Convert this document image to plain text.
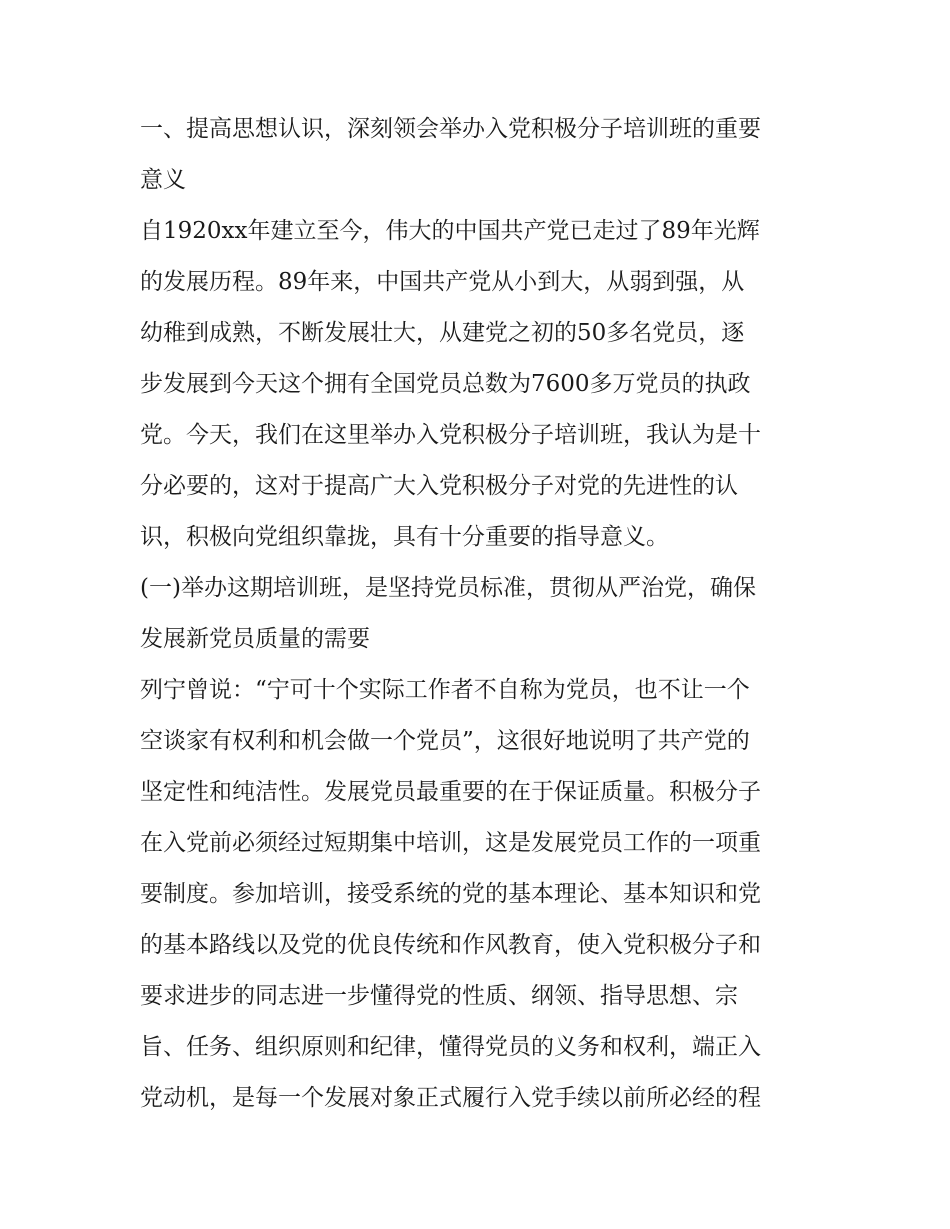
一、提高思想认识，深刻领会举办入党积极分子培训班的重要
意义
自1920xx年建立至今，伟大的中国共产党已走过了89年光辉
的发展历程。89年来，中国共产党从小到大，从弱到强，从
幼稚到成熟，不断发展壮大，从建党之初的50多名党员，逐
步发展到今天这个拥有全国党员总数为7600多万党员的执政
党。今天，我们在这里举办入党积极分子培训班，我认为是十
分必要的，这对于提高广大入党积极分子对党的先进性的认
识，积极向党组织靠拢，具有十分重要的指导意义。
(一)举办这期培训班，是坚持党员标准，贯彻从严治党，确保
发展新党员质量的需要
列宁曾说：“宁可十个实际工作者不自称为党员，也不让一个
空谈家有权利和机会做一个党员”，这很好地说明了共产党的
坚定性和纯洁性。发展党员最重要的在于保证质量。积极分子
在入党前必须经过短期集中培训，这是发展党员工作的一项重
要制度。参加培训，接受系统的党的基本理论、基本知识和党
的基本路线以及党的优良传统和作风教育，使入党积极分子和
要求进步的同志进一步懂得党的性质、纲领、指导思想、宗
旨、任务、组织原则和纪律，懂得党员的义务和权利，端正入
党动机，是每一个发展对象正式履行入党手续以前所必经的程
